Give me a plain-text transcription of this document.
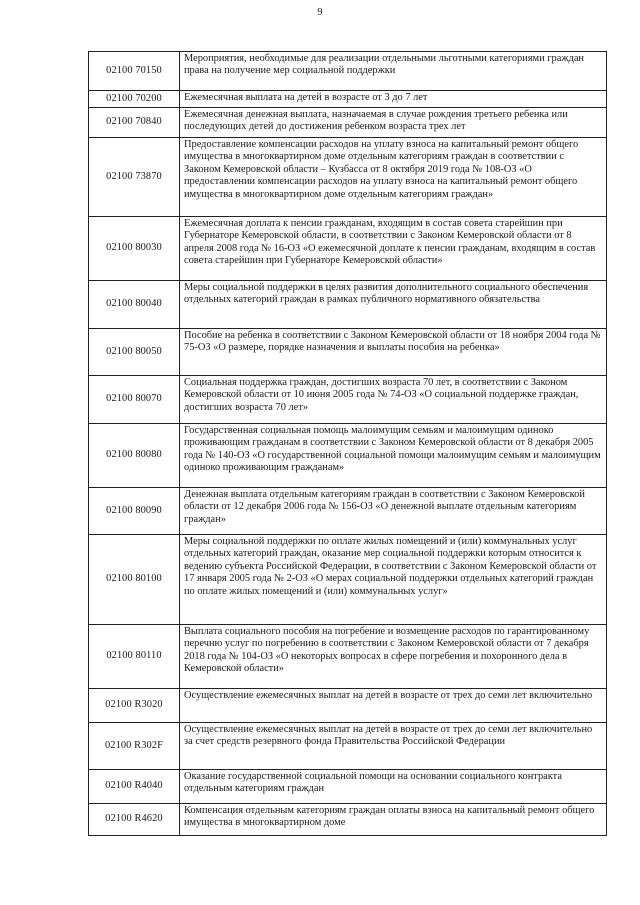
9
02100 70150	Мероприятия, необходимые для реализации отдельными льготными категориями граждан права на получение мер социальной поддержки
02100 70200	Ежемесячная выплата на детей в возрасте от 3 до 7 лет
02100 70840	Ежемесячная денежная выплата, назначаемая в случае рождения третьего ребенка или последующих детей до достижения ребенком возраста трех лет
02100 73870	Предоставление компенсации расходов на уплату взноса на капитальный ремонт общего имущества в многоквартирном доме отдельным категориям граждан в соответствии с Законом Кемеровской области – Кузбасса от 8 октября 2019 года № 108-ОЗ «О предоставлении компенсации расходов на уплату взноса на капитальный ремонт общего имущества в многоквартирном доме отдельным категориям граждан»
02100 80030	Ежемесячная доплата к пенсии гражданам, входящим в состав совета старейшин при Губернаторе Кемеровской области, в соответствии с Законом Кемеровской области от 8 апреля 2008 года № 16-ОЗ «О ежемесячной доплате к пенсии гражданам, входящим в состав совета старейшин при Губернаторе Кемеровской области»
02100 80040	Меры социальной поддержки в целях развития дополнительного социального обеспечения отдельных категорий граждан в рамках публичного нормативного обязательства
02100 80050	Пособие на ребенка в соответствии с Законом Кемеровской области от 18 ноября 2004 года № 75-ОЗ «О размере, порядке назначения и выплаты пособия на ребенка»
02100 80070	Социальная поддержка граждан, достигших возраста 70 лет, в соответствии с Законом Кемеровской области от 10 июня 2005 года № 74-ОЗ «О социальной поддержке граждан, достигших возраста 70 лет»
02100 80080	Государственная социальная помощь малоимущим семьям и малоимущим одиноко проживающим гражданам в соответствии с Законом Кемеровской области от 8 декабря 2005 года № 140-ОЗ «О государственной социальной помощи малоимущим семьям и малоимущим одиноко проживающим гражданам»
02100 80090	Денежная выплата отдельным категориям граждан в соответствии с Законом Кемеровской области от 12 декабря 2006 года № 156-ОЗ «О денежной выплате отдельным категориям граждан»
02100 80100	Меры социальной поддержки по оплате жилых помещений и (или) коммунальных услуг отдельных категорий граждан, оказание мер социальной поддержки которым относится к ведению субъекта Российской Федерации, в соответствии с Законом Кемеровской области от 17 января 2005 года № 2-ОЗ «О мерах социальной поддержки отдельных категорий граждан по оплате жилых помещений и (или) коммунальных услуг»
02100 80110	Выплата социального пособия на погребение и возмещение расходов по гарантированному перечню услуг по погребению в соответствии с Законом Кемеровской области от 7 декабря 2018 года № 104-ОЗ «О некоторых вопросах в сфере погребения и похоронного дела в Кемеровской области»
02100 R3020	Осуществление ежемесячных выплат на детей в возрасте от трех до семи лет включительно
02100 R302F	Осуществление ежемесячных выплат на детей в возрасте от трех до семи лет включительно за счет средств резервного фонда Правительства Российской Федерации
02100 R4040	Оказание государственной социальной помощи на основании социального контракта отдельным категориям граждан
02100 R4620	Компенсация отдельным категориям граждан оплаты взноса на капитальный ремонт общего имущества в многоквартирном доме
